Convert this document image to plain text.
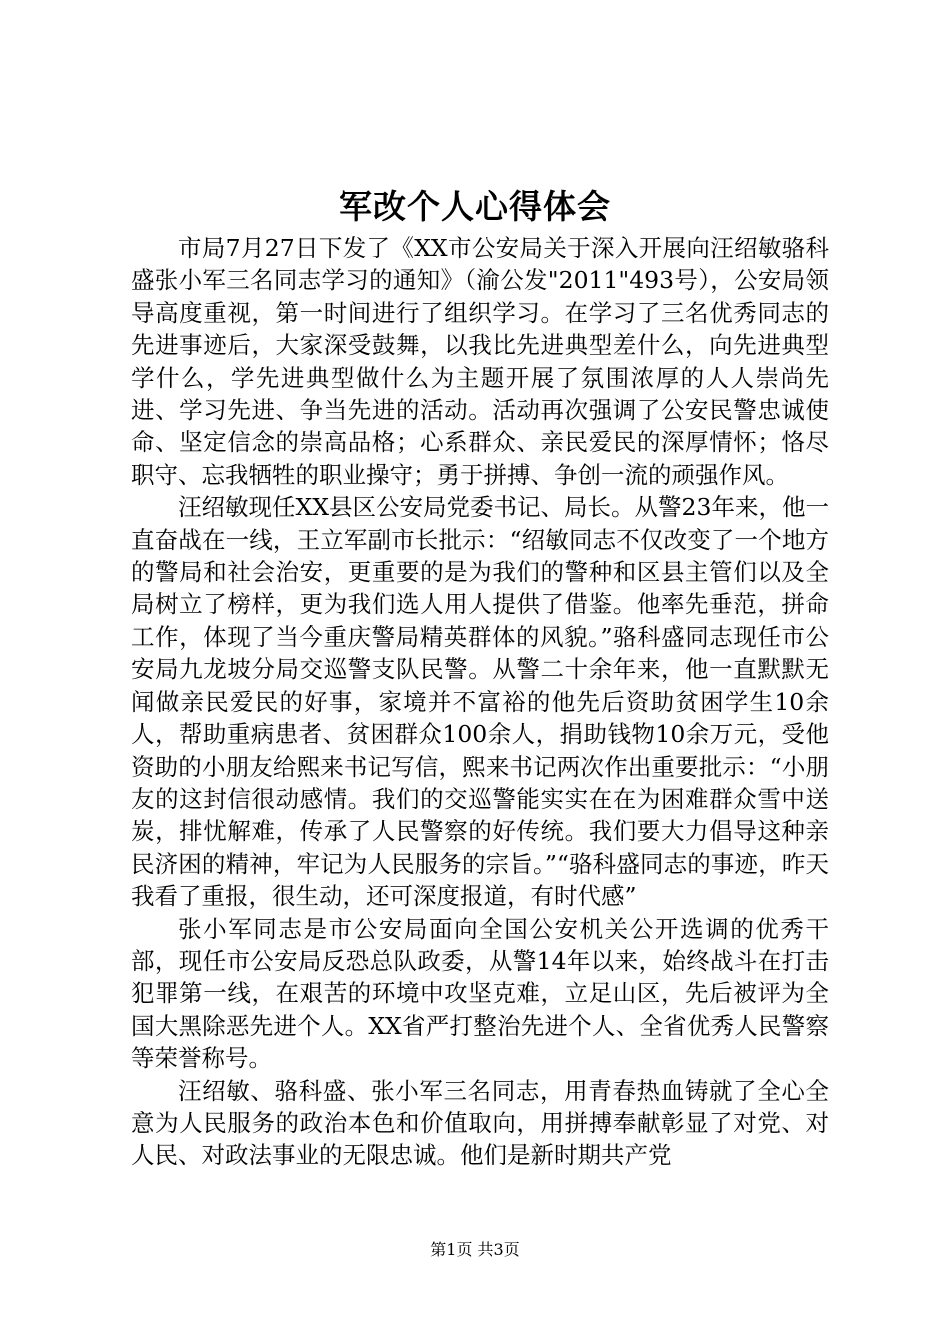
军改个人心得体会

市局7月27日下发了《XX市公安局关于深入开展向汪绍敏骆科盛张小军三名同志学习的通知》（渝公发"2011"493号），公安局领导高度重视，第一时间进行了组织学习。在学习了三名优秀同志的先进事迹后，大家深受鼓舞，以我比先进典型差什么，向先进典型学什么，学先进典型做什么为主题开展了氛围浓厚的人人崇尚先进、学习先进、争当先进的活动。活动再次强调了公安民警忠诚使命、坚定信念的崇高品格；心系群众、亲民爱民的深厚情怀；恪尽职守、忘我牺牲的职业操守；勇于拼搏、争创一流的顽强作风。

汪绍敏现任XX县区公安局党委书记、局长。从警23年来，他一直奋战在一线，王立军副市长批示：“绍敏同志不仅改变了一个地方的警局和社会治安，更重要的是为我们的警种和区县主管们以及全局树立了榜样，更为我们选人用人提供了借鉴。他率先垂范，拼命工作，体现了当今重庆警局精英群体的风貌。”骆科盛同志现任市公安局九龙坡分局交巡警支队民警。从警二十余年来，他一直默默无闻做亲民爱民的好事，家境并不富裕的他先后资助贫困学生10余人，帮助重病患者、贫困群众100余人，捐助钱物10余万元，受他资助的小朋友给熙来书记写信，熙来书记两次作出重要批示：“小朋友的这封信很动感情。我们的交巡警能实实在在为困难群众雪中送炭，排忧解难，传承了人民警察的好传统。我们要大力倡导这种亲民济困的精神，牢记为人民服务的宗旨。”“骆科盛同志的事迹，昨天我看了重报，很生动，还可深度报道，有时代感”

张小军同志是市公安局面向全国公安机关公开选调的优秀干部，现任市公安局反恐总队政委，从警14年以来，始终战斗在打击犯罪第一线，在艰苦的环境中攻坚克难，立足山区，先后被评为全国大黑除恶先进个人。XX省严打整治先进个人、全省优秀人民警察等荣誉称号。

汪绍敏、骆科盛、张小军三名同志，用青春热血铸就了全心全意为人民服务的政治本色和价值取向，用拼搏奉献彰显了对党、对人民、对政法事业的无限忠诚。他们是新时期共产党

第1页 共3页
